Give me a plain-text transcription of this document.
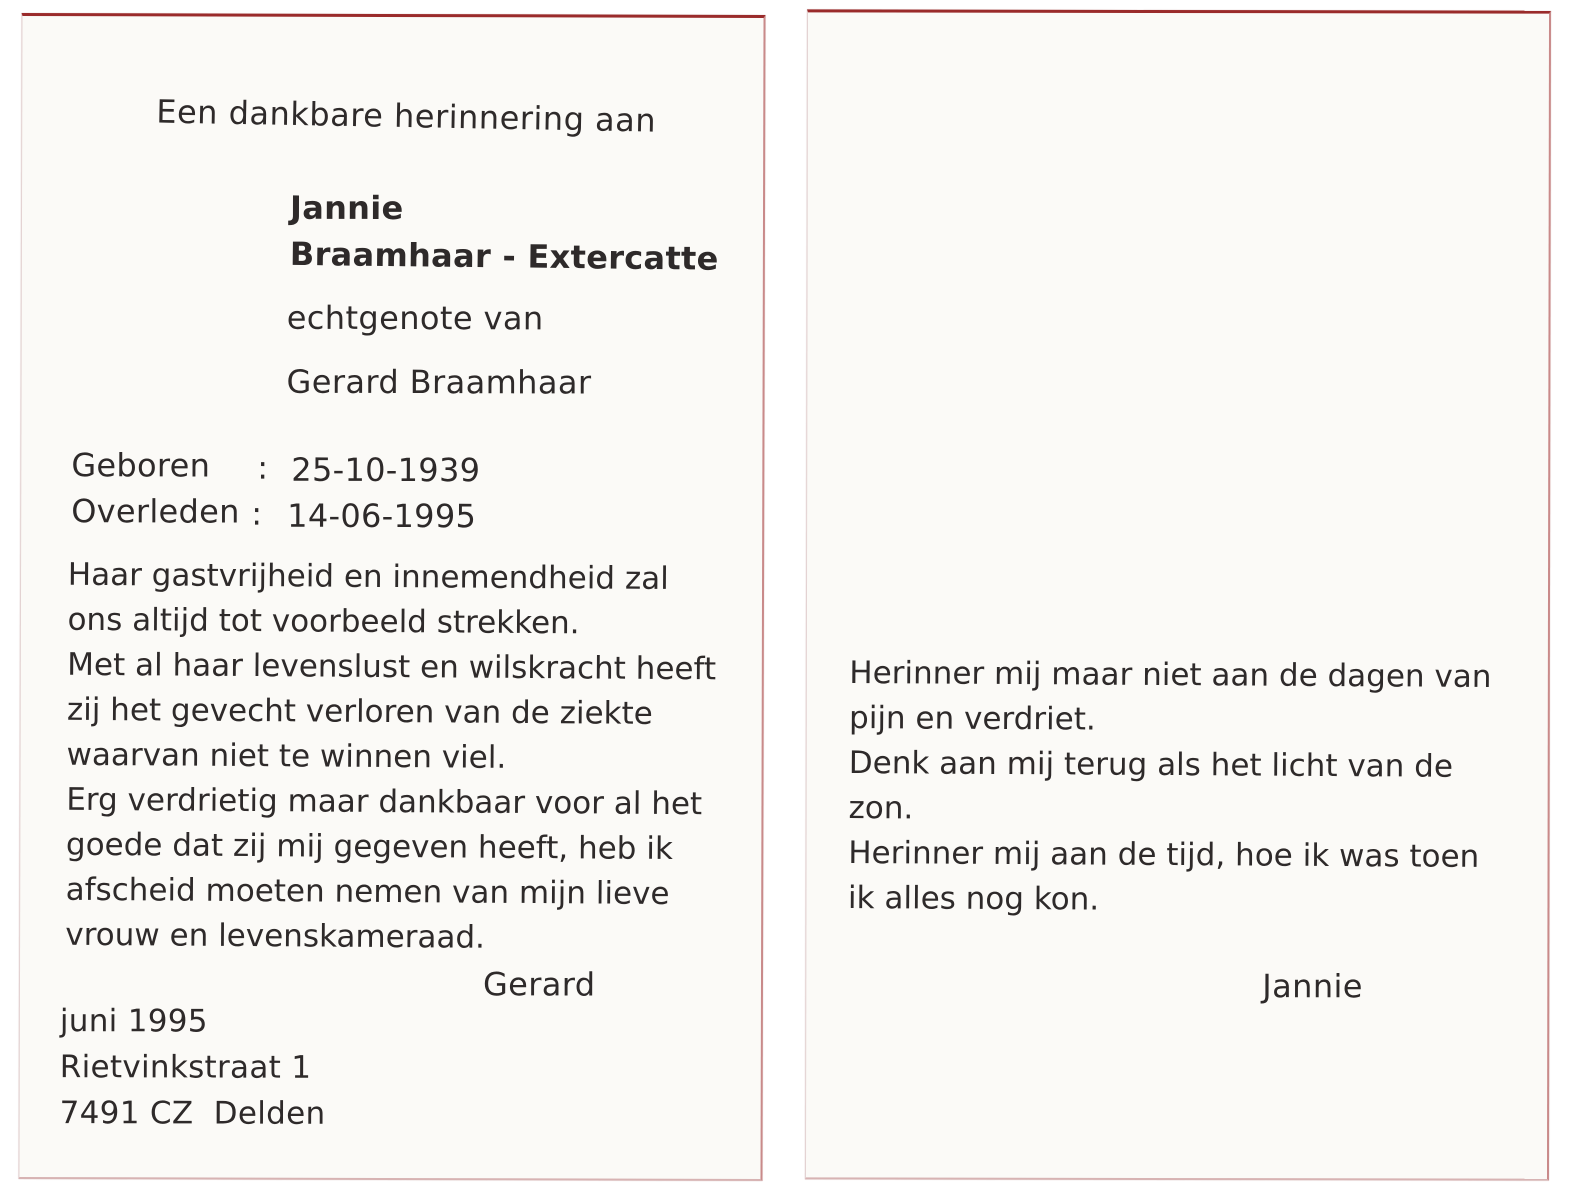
Een dankbare herinnering aan

Jannie

Braamhaar - Extercatte

echtgenote van

Gerard Braamhaar

Geboren : 25-10-1939

Overleden : 14-06-1995

Haar gastvrijheid en innemendheid zal
ons altijd tot voorbeeld strekken.
Met al haar levenslust en wilskracht heeft
zij het gevecht verloren van de ziekte
waarvan niet te winnen viel.
Erg verdrietig maar dankbaar voor al het
goede dat zij mij gegeven heeft, heb ik
afscheid moeten nemen van mijn lieve
vrouw en levenskameraad.

Gerard

juni 1995
Rietvinkstraat 1
7491 CZ  Delden
Herinner mij maar niet aan de dagen van
pijn en verdriet.
Denk aan mij terug als het licht van de
zon.
Herinner mij aan de tijd, hoe ik was toen
ik alles nog kon.

Jannie
